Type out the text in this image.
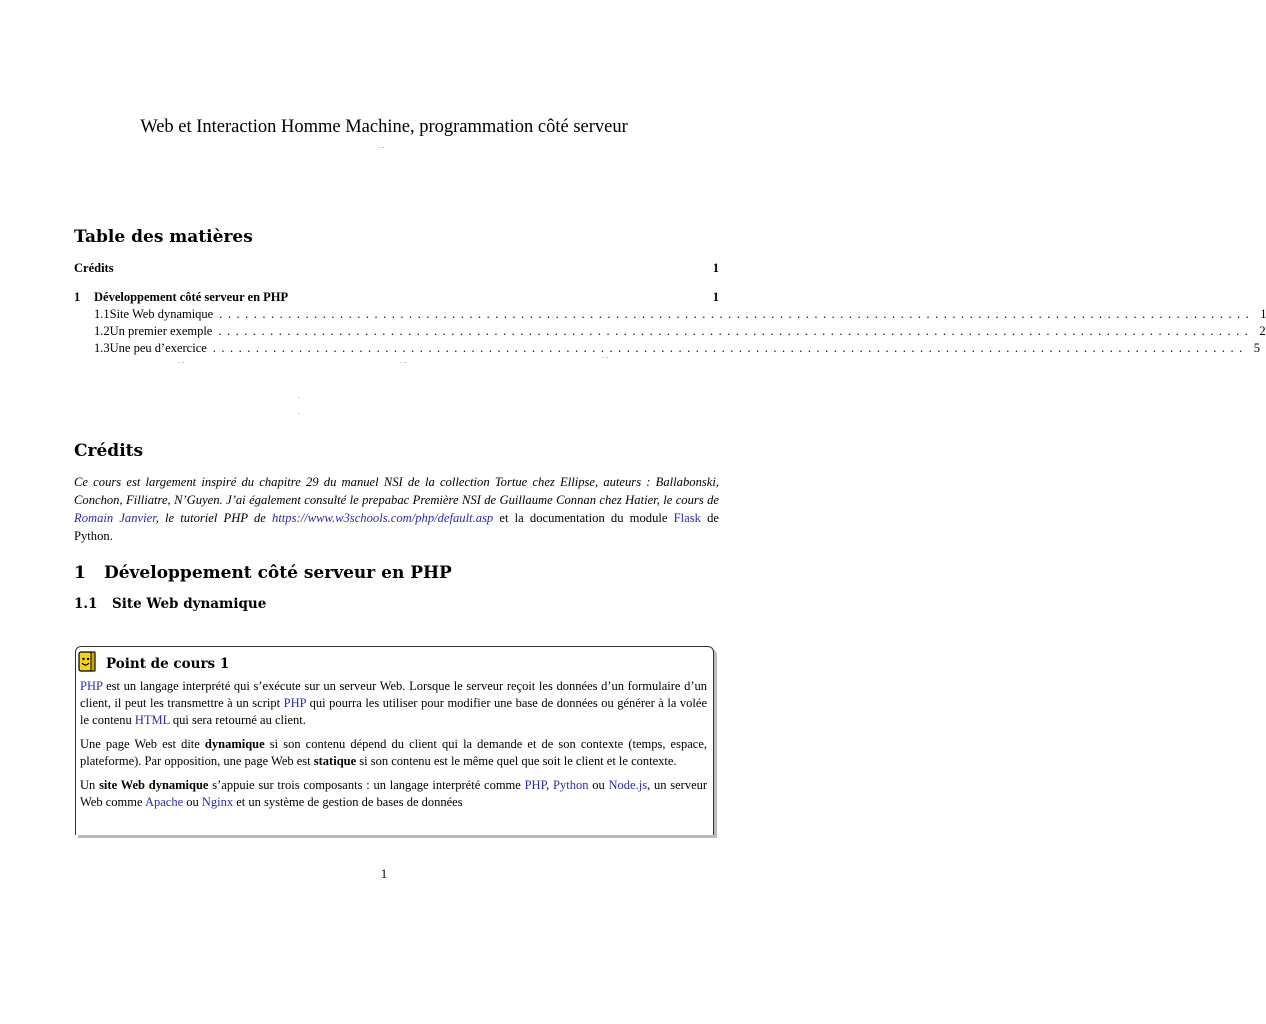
Web et Interaction Homme Machine, programmation côté serveur
ˊ ˇ
Table des matières
Crédits	1
1	Développement côté serveur en PHP	1
1.1 Site Web dynamique ........................................................................................................................ 1
1.2 Un premier exemple ........................................................................................................................ 2
1.3 Une peu d’exercice ........................................................................................................................ 5
ˊ ˇ	ˊ ˇ
ˊ ˇ
.
.
Crédits
Ce cours est largement inspiré du chapitre 29 du manuel NSI de la collection Tortue chez Ellipse, auteurs : Ballabonski, Conchon, Filliatre, N’Guyen. J’ai également consulté le prepabac Première NSI de Guillaume Connan chez Hatier, le cours de Romain Janvier, le tutoriel PHP de https://www.w3schools.com/php/default.asp et la documentation du module Flask de Python.
1 Développement côté serveur en PHP
1.1 Site Web dynamique
Point de cours 1

PHP est un langage interprété qui s’exécute sur un serveur Web. Lorsque le serveur reçoit les données d’un formulaire d’un client, il peut les transmettre à un script PHP qui pourra les utiliser pour modifier une base de données ou générer à la volée le contenu HTML qui sera retourné au client.

Une page Web est dite dynamique si son contenu dépend du client qui la demande et de son contexte (temps, espace, plateforme). Par opposition, une page Web est statique si son contenu est le même quel que soit le client et le contexte.

Un site Web dynamique s’appuie sur trois composants : un langage interprété comme PHP, Python ou Node.js, un serveur Web comme Apache ou Nginx et un système de gestion de bases de données

1
